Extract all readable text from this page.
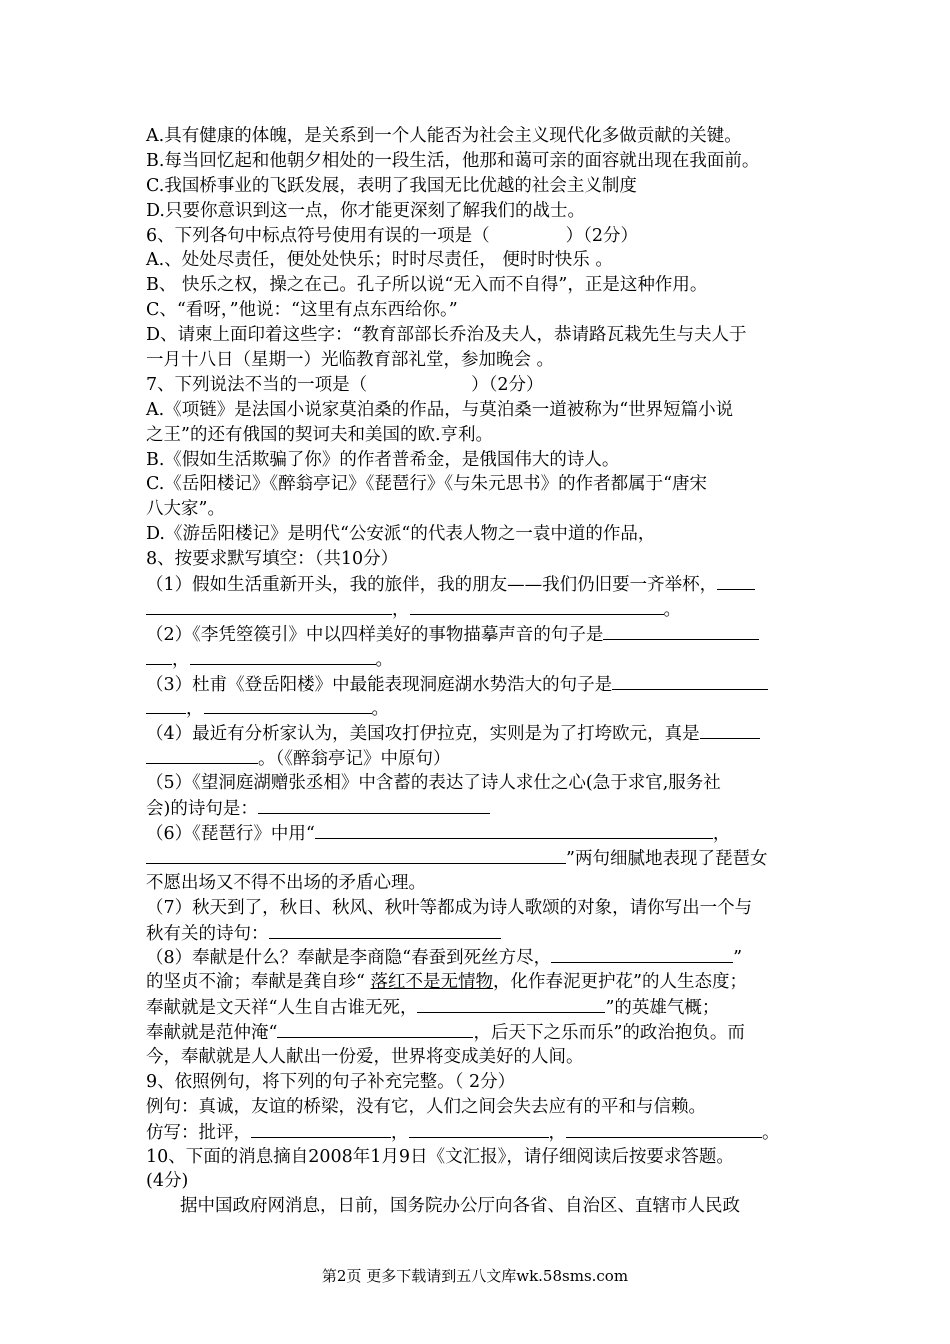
A.具有健康的体魄，是关系到一个人能否为社会主义现代化多做贡献的关键。
B.每当回忆起和他朝夕相处的一段生活，他那和蔼可亲的面容就出现在我面前。
C.我国桥事业的飞跃发展，表明了我国无比优越的社会主义制度
D.只要你意识到这一点，你才能更深刻了解我们的战士。
6、下列各句中标点符号使用有误的一项是（	）（2分）
A.、处处尽责任，便处处快乐；时时尽责任， 便时时快乐 。
B、 快乐之权，操之在己。孔子所以说“无入而不自得”，正是这种作用。
C、“看呀，”他说：“这里有点东西给你。”
D、请柬上面印着这些字：“教育部部长乔治及夫人，恭请路瓦栽先生与夫人于
一月十八日（星期一）光临教育部礼堂，参加晚会 。
7、下列说法不当的一项是（	）（2分）
A.《项链》是法国小说家莫泊桑的作品，与莫泊桑一道被称为“世界短篇小说
之王”的还有俄国的契诃夫和美国的欧.亨利。
B.《假如生活欺骗了你》的作者普希金，是俄国伟大的诗人。
C.《岳阳楼记》《醉翁亭记》《琵琶行》《与朱元思书》的作者都属于“唐宋
八大家”。
D.《游岳阳楼记》是明代“公安派“的代表人物之一袁中道的作品，
8、按要求默写填空：（共10分）
（1）假如生活重新开头，我的旅伴，我的朋友——我们仍旧要一齐举杯，
，	。
（2）《李凭箜篌引》中以四样美好的事物描摹声音的句子是
，	。
（3）杜甫《登岳阳楼》中最能表现洞庭湖水势浩大的句子是
，	。
（4）最近有分析家认为，美国攻打伊拉克，实则是为了打垮欧元，真是
。（《醉翁亭记》中原句）
（5）《望洞庭湖赠张丞相》中含蓄的表达了诗人求仕之心(急于求官,服务社
会)的诗句是：
（6）《琵琶行》中用“	，
”两句细腻地表现了琵琶女
不愿出场又不得不出场的矛盾心理。
（7）秋天到了，秋日、秋风、秋叶等都成为诗人歌颂的对象，请你写出一个与
秋有关的诗句：
（8）奉献是什么？奉献是李商隐“春蚕到死丝方尽，	”
的坚贞不渝；奉献是龚自珍“ 落红不是无情物，化作春泥更护花”的人生态度；
奉献就是文天祥“人生自古谁无死，	”的英雄气概；
奉献就是范仲淹“	，后天下之乐而乐”的政治抱负。而
今，奉献就是人人献出一份爱，世界将变成美好的人间。
9、依照例句，将下列的句子补充完整。（ 2分）
例句：真诚，友谊的桥梁，没有它，人们之间会失去应有的平和与信赖。
仿写：批评，	，	，	。
10、下面的消息摘自2008年1月9日《文汇报》，请仔细阅读后按要求答题。
(4分)
据中国政府网消息，日前，国务院办公厅向各省、自治区、直辖市人民政
第2页 更多下载请到五八文库wk.58sms.com
